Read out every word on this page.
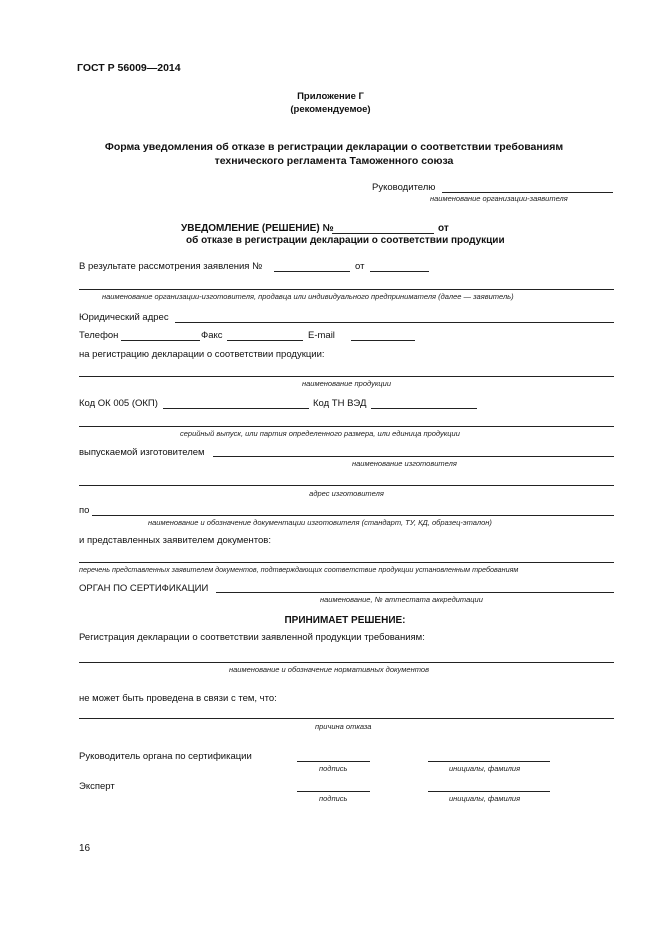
ГОСТ Р 56009—2014
Приложение Г
(рекомендуемое)
Форма уведомления об отказе в регистрации декларации о соответствии требованиям
технического регламента Таможенного союза
Руководителю
наименование организации-заявителя
УВЕДОМЛЕНИЕ (РЕШЕНИЕ) №	от
об отказе в регистрации декларации о соответствии продукции
В результате рассмотрения заявления №	от
наименование организации-изготовителя, продавца или индивидуального предпринимателя (далее — заявитель)
Юридический адрес
Телефон	Факс	E-mail
на регистрацию декларации о соответствии продукции:
наименование продукции
Код ОК 005 (ОКП)	Код ТН ВЭД
серийный выпуск, или партия определенного размера, или единица продукции
выпускаемой изготовителем
наименование изготовителя
адрес изготовителя
по
наименование и обозначение документации изготовителя (стандарт, ТУ, КД, образец-эталон)
и представленных заявителем документов:
перечень представленных заявителем документов, подтверждающих соответствие продукции установленным требованиям
ОРГАН ПО СЕРТИФИКАЦИИ
наименование, № аттестата аккредитации
ПРИНИМАЕТ РЕШЕНИЕ:
Регистрация декларации о соответствии заявленной продукции требованиям:
наименование и обозначение нормативных документов
не может быть проведена в связи с тем, что:
причина отказа
Руководитель органа по сертификации
подпись	инициалы, фамилия
Эксперт
подпись	инициалы, фамилия
16
